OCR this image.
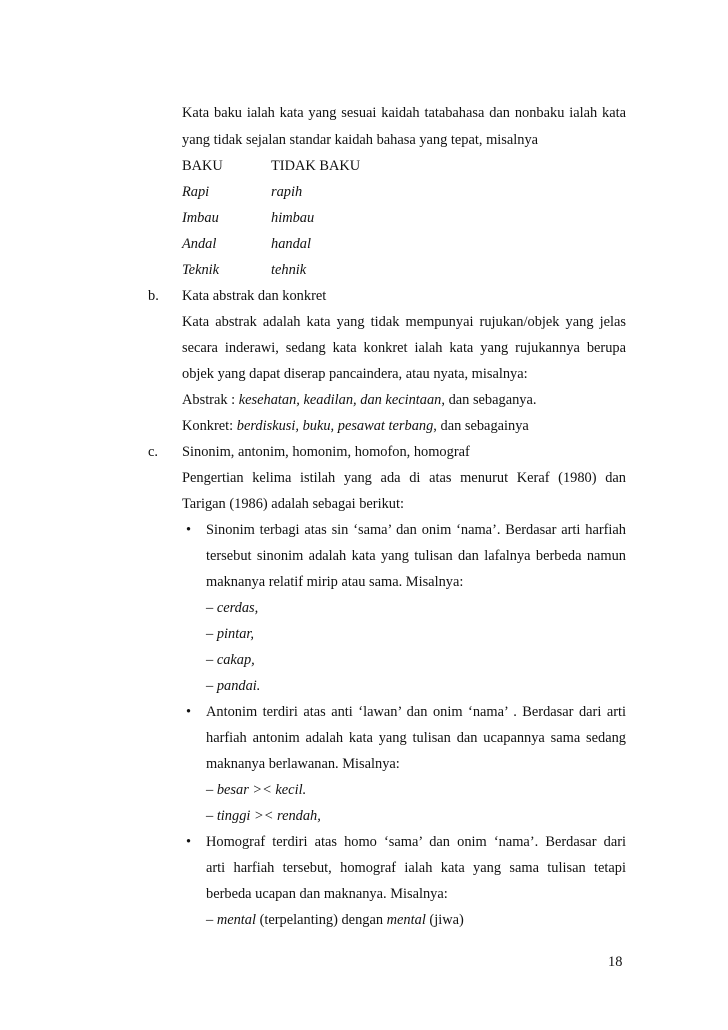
Kata baku ialah kata yang sesuai kaidah tatabahasa dan nonbaku ialah kata
yang tidak sejalan standar kaidah bahasa yang tepat, misalnya
BAKU	TIDAK BAKU
Rapi	rapih
Imbau	himbau
Andal	handal
Teknik	tehnik
b. Kata abstrak dan konkret
Kata abstrak adalah kata yang tidak mempunyai rujukan/objek yang jelas
secara inderawi, sedang kata konkret ialah kata yang rujukannya berupa
objek yang dapat diserap pancaindera, atau nyata, misalnya:
Abstrak : kesehatan, keadilan, dan kecintaan, dan sebaganya.
Konkret: berdiskusi, buku, pesawat terbang, dan sebagainya
c. Sinonim, antonim, homonim, homofon, homograf
Pengertian kelima istilah yang ada di atas menurut Keraf (1980) dan
Tarigan (1986) adalah sebagai berikut:
• Sinonim terbagi atas sin ‘sama’ dan onim ‘nama’. Berdasar arti harfiah
tersebut sinonim adalah kata yang tulisan dan lafalnya berbeda namun
maknanya relatif mirip atau sama. Misalnya:
– cerdas,
– pintar,
– cakap,
– pandai.
• Antonim terdiri atas anti ‘lawan’ dan onim ‘nama’ . Berdasar dari arti
harfiah antonim adalah kata yang tulisan dan ucapannya sama sedang
maknanya berlawanan. Misalnya:
– besar >< kecil.
– tinggi >< rendah,
• Homograf terdiri atas homo ‘sama’ dan onim ‘nama’. Berdasar dari
arti harfiah tersebut, homograf ialah kata yang sama tulisan tetapi
berbeda ucapan dan maknanya. Misalnya:
– mental (terpelanting) dengan mental (jiwa)
18
